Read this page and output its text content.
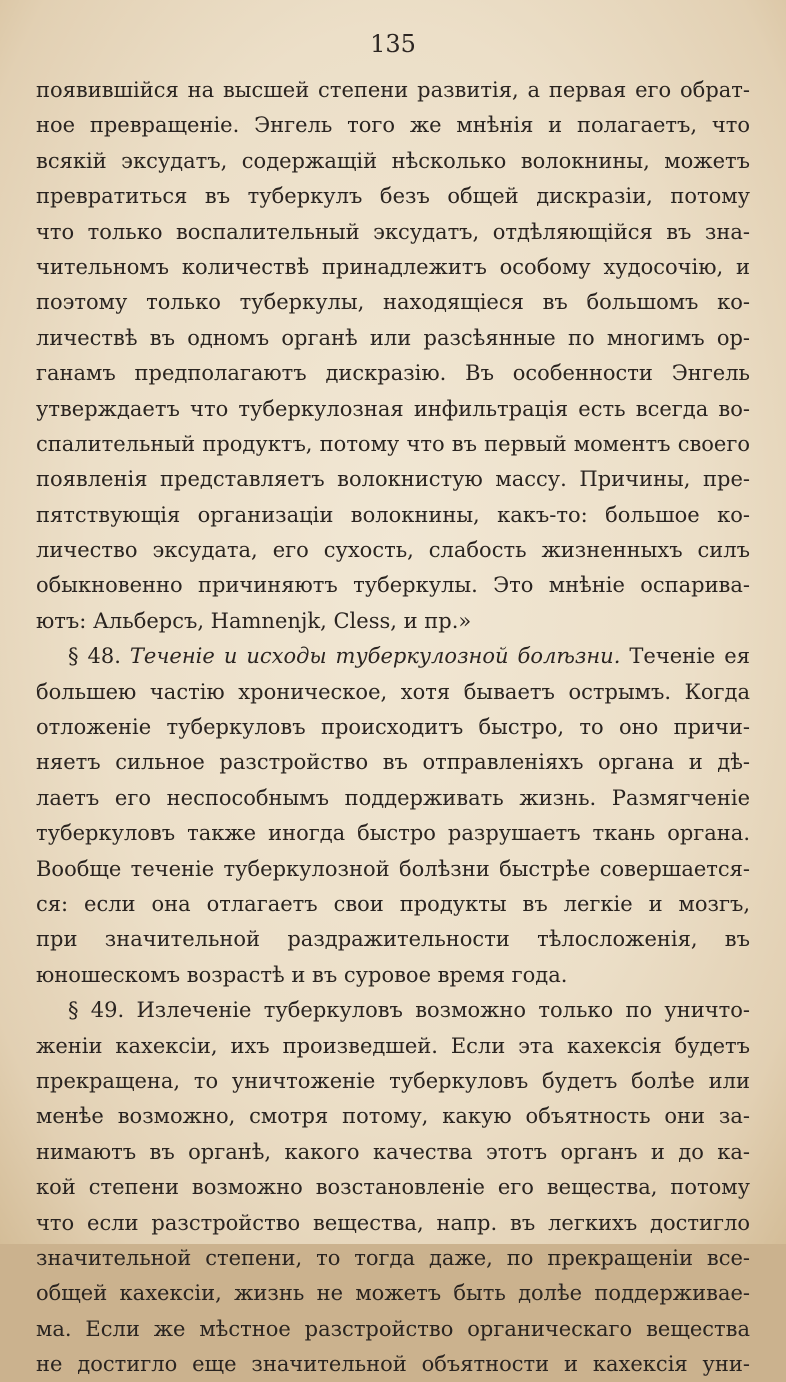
135
появившійся на высшей степени развитія, а первая его обрат-
ное превращеніе. Энгель того же мнѣнія и полагаетъ, что
всякій эксудатъ, содержащій нѣсколько волокнины, можетъ
превратиться въ туберкулъ безъ общей дискразіи, потому
что только воспалительный эксудатъ, отдѣляющійся въ зна-
чительномъ количествѣ принадлежитъ особому худосочію, и
поэтому только туберкулы, находящіеся въ большомъ ко-
личествѣ въ одномъ органѣ или разсѣянные по многимъ ор-
ганамъ предполагаютъ дискразію. Въ особенности Энгель
утверждаетъ что туберкулозная инфильтрація есть всегда во-
спалительный продуктъ, потому что въ первый моментъ своего
появленія представляетъ волокнистую массу. Причины, пре-
пятствующія организаціи волокнины, какъ-то: большое ко-
личество эксудата, его сухость, слабость жизненныхъ силъ
обыкновенно причиняютъ туберкулы. Это мнѣніе оспарива-
ютъ: Альберсъ, Hamnenjk, Cless, и пр.»
§ 48. Теченіе и исходы туберкулозной болѣзни. Теченіе ея
большею частію хроническое, хотя бываетъ острымъ. Когда
отложеніе туберкуловъ происходитъ быстро, то оно причи-
няетъ сильное разстройство въ отправленіяхъ органа и дѣ-
лаетъ его неспособнымъ поддерживать жизнь. Размягченіе
туберкуловъ также иногда быстро разрушаетъ ткань органа.
Вообще теченіе туберкулозной болѣзни быстрѣе совершается-
ся: если она отлагаетъ свои продукты въ легкіе и мозгъ,
при значительной раздражительности тѣлосложенія, въ
юношескомъ возрастѣ и въ суровое время года.
§ 49. Излеченіе туберкуловъ возможно только по уничто-
женіи кахексіи, ихъ произведшей. Если эта кахексія будетъ
прекращена, то уничтоженіе туберкуловъ будетъ болѣе или
менѣе возможно, смотря потому, какую объятность они за-
нимаютъ въ органѣ, какого качества этотъ органъ и до ка-
кой степени возможно возстановленіе его вещества, потому
что если разстройство вещества, напр. въ легкихъ достигло
значительной степени, то тогда даже, по прекращеніи все-
общей кахексіи, жизнь не можетъ быть долѣе поддерживае-
ма. Если же мѣстное разстройство органическаго вещества
не достигло еще значительной объятности и кахексія уни-
